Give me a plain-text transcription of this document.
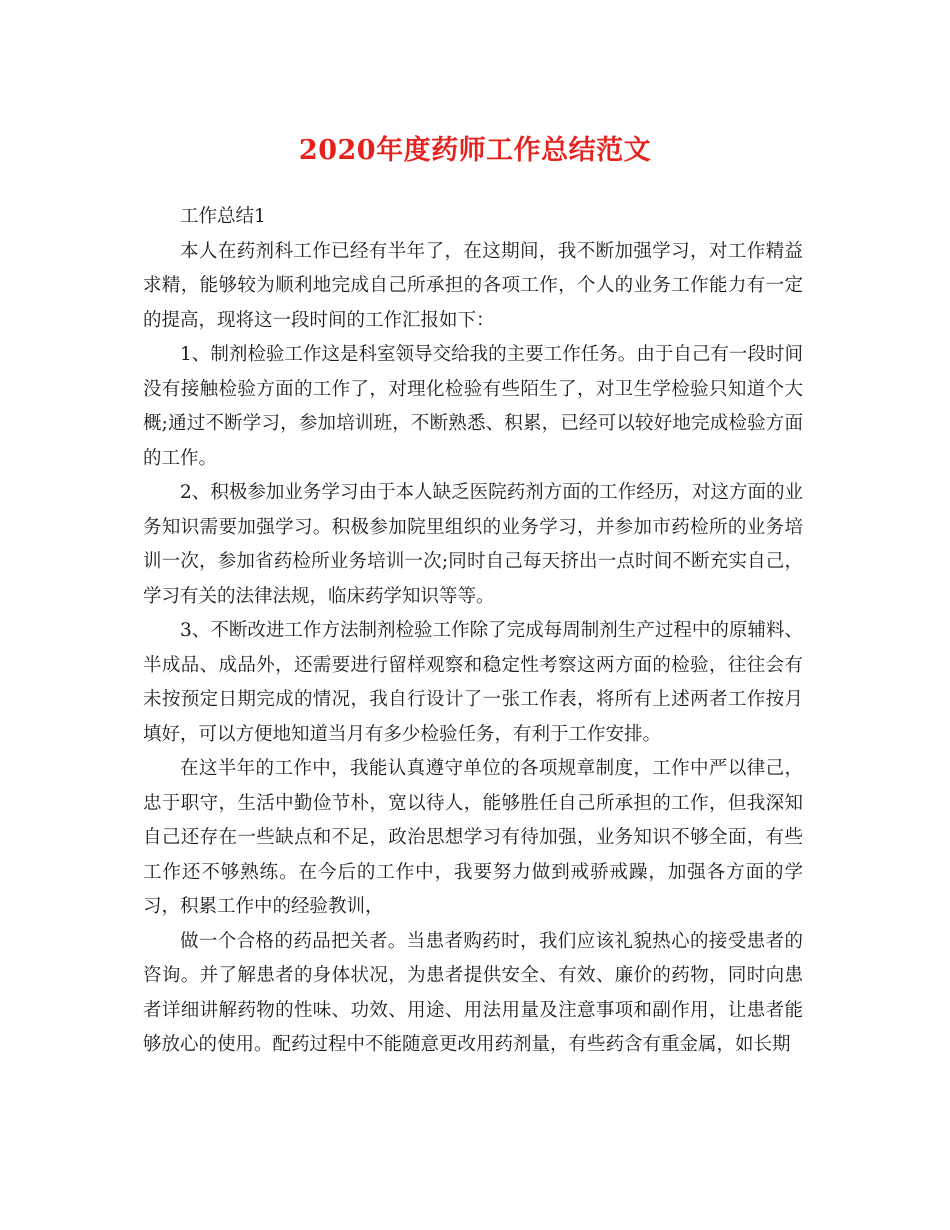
2020年度药师工作总结范文

工作总结1

本人在药剂科工作已经有半年了，在这期间，我不断加强学习，对工作精益求精，能够较为顺利地完成自己所承担的各项工作，个人的业务工作能力有一定的提高，现将这一段时间的工作汇报如下：

1、制剂检验工作这是科室领导交给我的主要工作任务。由于自己有一段时间没有接触检验方面的工作了，对理化检验有些陌生了，对卫生学检验只知道个大概;通过不断学习，参加培训班，不断熟悉、积累，已经可以较好地完成检验方面的工作。

2、积极参加业务学习由于本人缺乏医院药剂方面的工作经历，对这方面的业务知识需要加强学习。积极参加院里组织的业务学习，并参加市药检所的业务培训一次，参加省药检所业务培训一次;同时自己每天挤出一点时间不断充实自己，学习有关的法律法规，临床药学知识等等。

3、不断改进工作方法制剂检验工作除了完成每周制剂生产过程中的原辅料、半成品、成品外，还需要进行留样观察和稳定性考察这两方面的检验，往往会有未按预定日期完成的情况，我自行设计了一张工作表，将所有上述两者工作按月填好，可以方便地知道当月有多少检验任务，有利于工作安排。

在这半年的工作中，我能认真遵守单位的各项规章制度，工作中严以律己，忠于职守，生活中勤俭节朴，宽以待人，能够胜任自己所承担的工作，但我深知自己还存在一些缺点和不足，政治思想学习有待加强，业务知识不够全面，有些工作还不够熟练。在今后的工作中，我要努力做到戒骄戒躁，加强各方面的学习，积累工作中的经验教训，

做一个合格的药品把关者。当患者购药时，我们应该礼貌热心的接受患者的咨询。并了解患者的身体状况，为患者提供安全、有效、廉价的药物，同时向患者详细讲解药物的性味、功效、用途、用法用量及注意事项和副作用，让患者能够放心的使用。配药过程中不能随意更改用药剂量，有些药含有重金属，如长期
